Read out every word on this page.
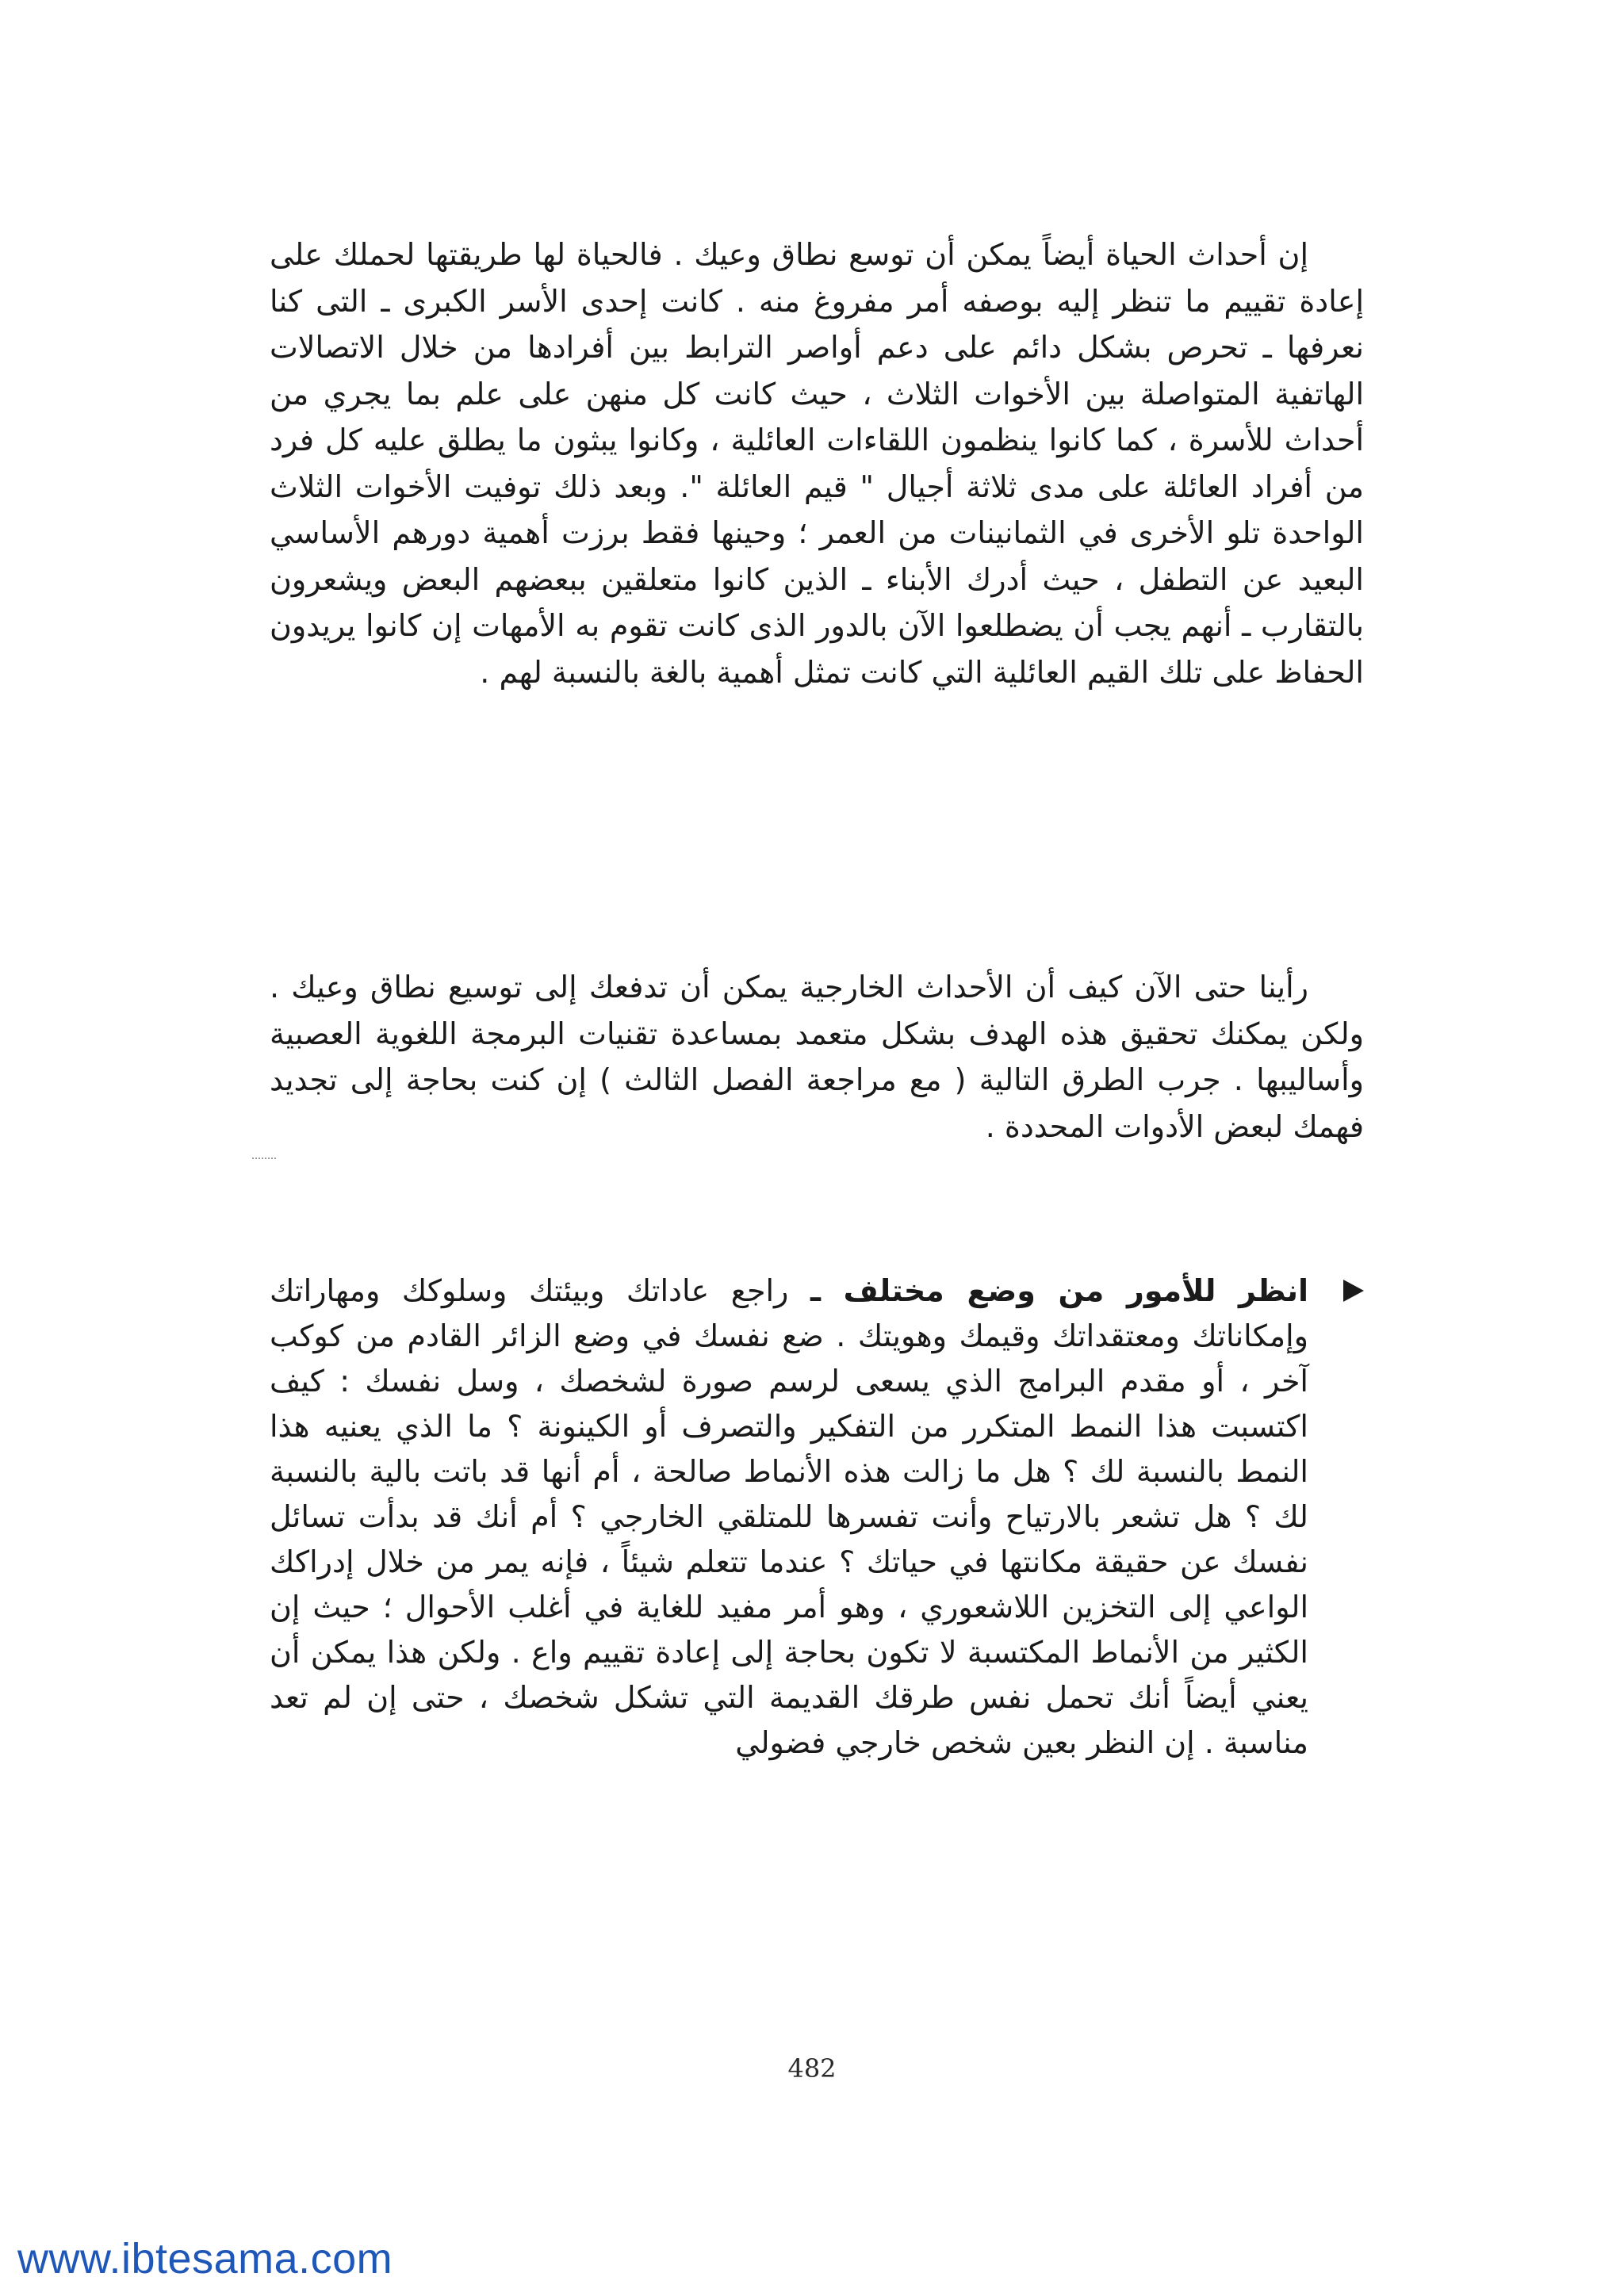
إن أحداث الحياة أيضاً يمكن أن توسع نطاق وعيك . فالحياة لها طريقتها لحملك على إعادة تقييم ما تنظر إليه بوصفه أمر مفروغ منه . كانت إحدى الأسر الكبرى ـ التى كنا نعرفها ـ تحرص بشكل دائم على دعم أواصر الترابط بين أفرادها من خلال الاتصالات الهاتفية المتواصلة بين الأخوات الثلاث ، حيث كانت كل منهن على علم بما يجري من أحداث للأسرة ، كما كانوا ينظمون اللقاءات العائلية ، وكانوا يبثون ما يطلق عليه كل فرد من أفراد العائلة على مدى ثلاثة أجيال " قيم العائلة ". وبعد ذلك توفيت الأخوات الثلاث الواحدة تلو الأخرى في الثمانينات من العمر ؛ وحينها فقط برزت أهمية دورهم الأساسي البعيد عن التطفل ، حيث أدرك الأبناء ـ الذين كانوا متعلقين ببعضهم البعض ويشعرون بالتقارب ـ أنهم يجب أن يضطلعوا الآن بالدور الذى كانت تقوم به الأمهات إن كانوا يريدون الحفاظ على تلك القيم العائلية التي كانت تمثل أهمية بالغة بالنسبة لهم .

رأينا حتى الآن كيف أن الأحداث الخارجية يمكن أن تدفعك إلى توسيع نطاق وعيك . ولكن يمكنك تحقيق هذه الهدف بشكل متعمد بمساعدة تقنيات البرمجة اللغوية العصبية وأساليبها . جرب الطرق التالية ( مع مراجعة الفصل الثالث ) إن كنت بحاجة إلى تجديد فهمك لبعض الأدوات المحددة .

انظر للأمور من وضع مختلف ـ راجع عاداتك وبيئتك وسلوكك ومهاراتك وإمكاناتك ومعتقداتك وقيمك وهويتك . ضع نفسك في وضع الزائر القادم من كوكب آخر ، أو مقدم البرامج الذي يسعى لرسم صورة لشخصك ، وسل نفسك : كيف اكتسبت هذا النمط المتكرر من التفكير والتصرف أو الكينونة ؟ ما الذي يعنيه هذا النمط بالنسبة لك ؟ هل ما زالت هذه الأنماط صالحة ، أم أنها قد باتت بالية بالنسبة لك ؟ هل تشعر بالارتياح وأنت تفسرها للمتلقي الخارجي ؟ أم أنك قد بدأت تسائل نفسك عن حقيقة مكانتها في حياتك ؟ عندما تتعلم شيئاً ، فإنه يمر من خلال إدراكك الواعي إلى التخزين اللاشعوري ، وهو أمر مفيد للغاية في أغلب الأحوال ؛ حيث إن الكثير من الأنماط المكتسبة لا تكون بحاجة إلى إعادة تقييم واع . ولكن هذا يمكن أن يعني أيضاً أنك تحمل نفس طرقك القديمة التي تشكل شخصك ، حتى إن لم تعد مناسبة . إن النظر بعين شخص خارجي فضولي

482
www.ibtesama.com
